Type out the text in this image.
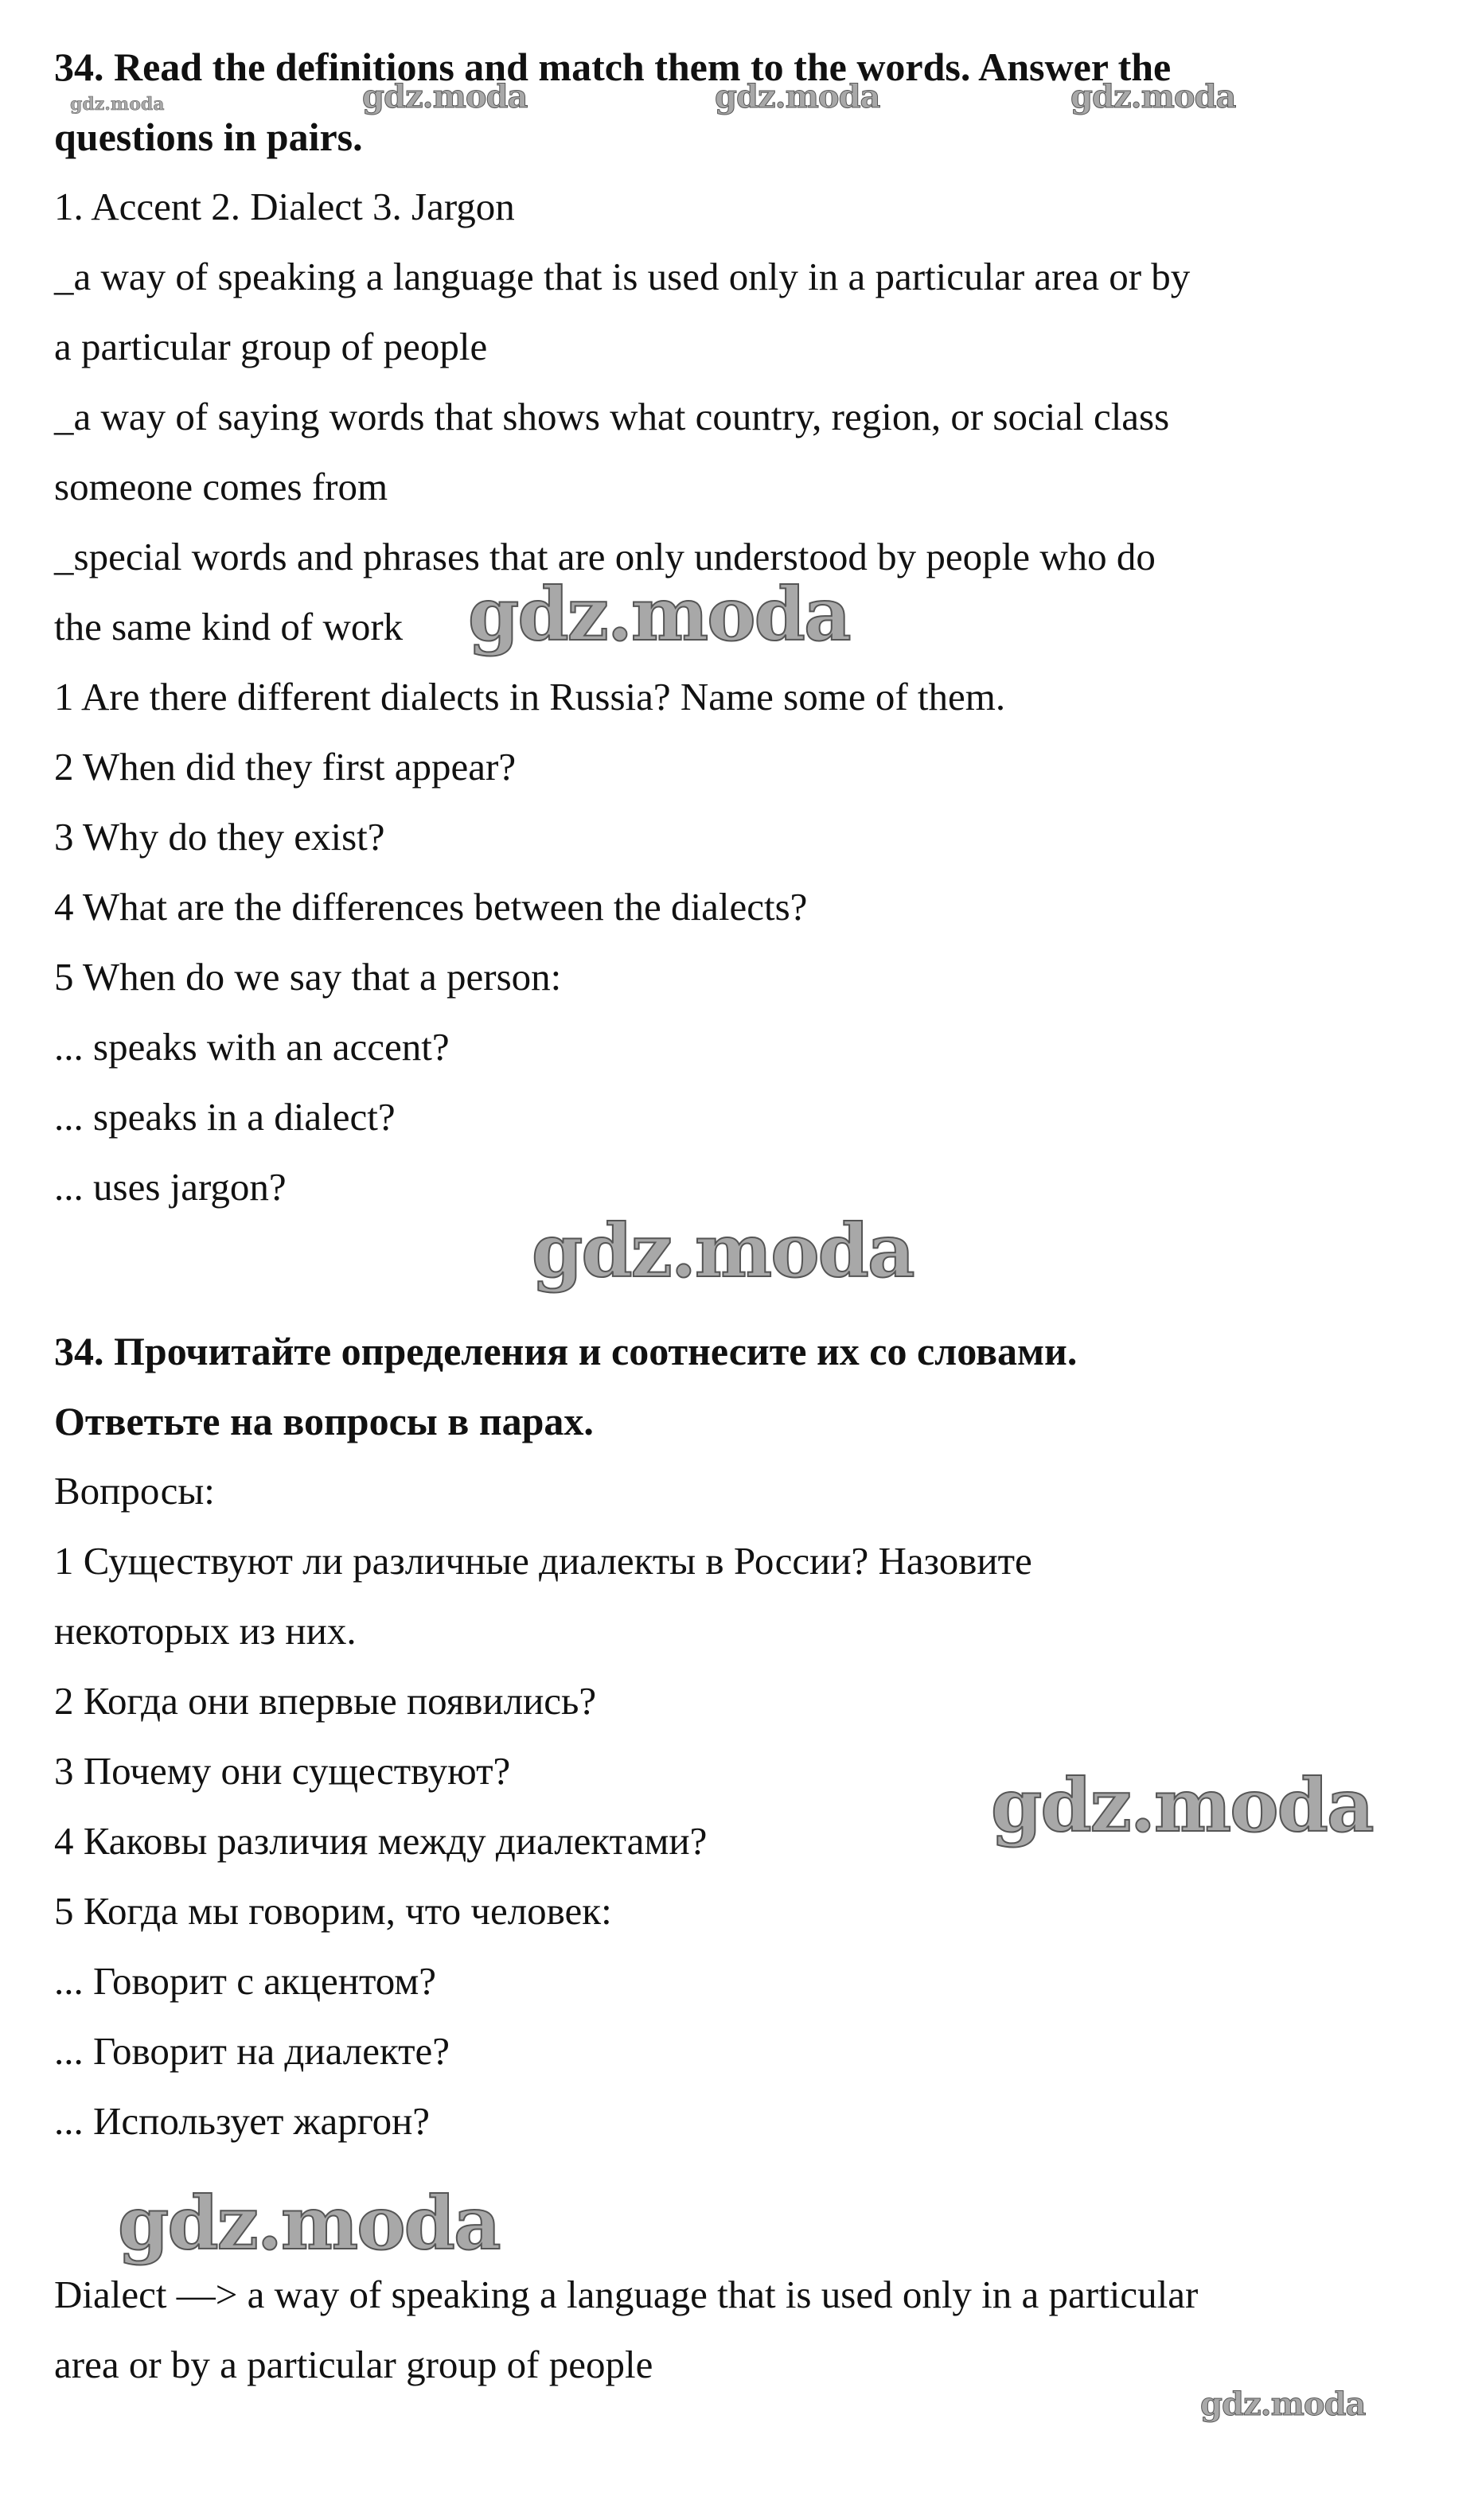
34. Read the definitions and match them to the words. Answer the
questions in pairs.
1. Accent 2. Dialect 3. Jargon
_a way of speaking a language that is used only in a particular area or by
a particular group of people
_a way of saying words that shows what country, region, or social class
someone comes from
_special words and phrases that are only understood by people who do
the same kind of work
1 Are there different dialects in Russia? Name some of them.
2 When did they first appear?
3 Why do they exist?
4 What are the differences between the dialects?
5 When do we say that a person:
... speaks with an accent?
... speaks in a dialect?
... uses jargon?
34. Прочитайте определения и соотнесите их со словами.
Ответьте на вопросы в парах.
Вопросы:
1 Существуют ли различные диалекты в России? Назовите
некоторых из них.
2 Когда они впервые появились?
3 Почему они существуют?
4 Каковы различия между диалектами?
5 Когда мы говорим, что человек:
... Говорит с акцентом?
... Говорит на диалекте?
... Использует жаргон?
Dialect —> a way of speaking a language that is used only in a particular
area or by a particular group of people
gdz.moda	gdz.moda	gdz.moda	gdz.moda
gdz.moda
gdz.moda
gdz.moda
gdz.moda
gdz.moda
